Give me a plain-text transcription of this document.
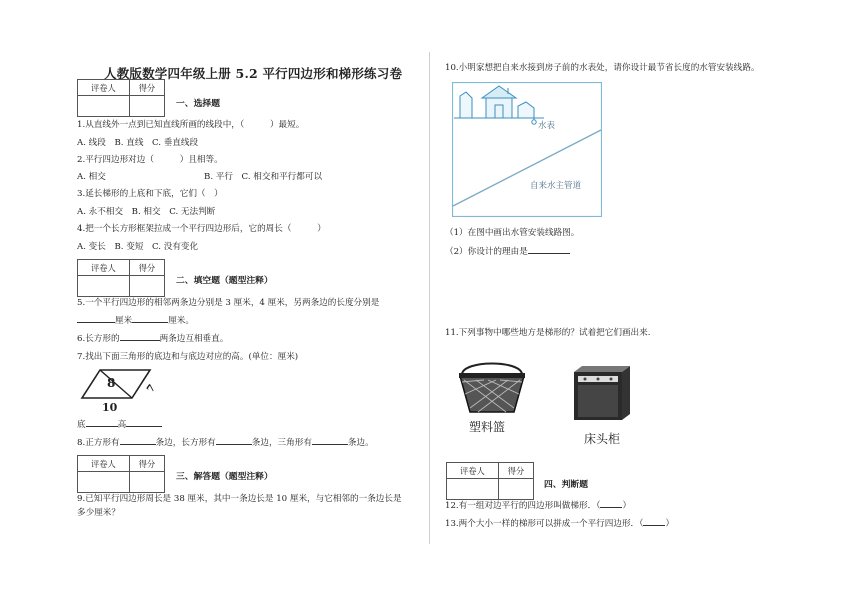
人教版数学四年级上册 5.2 平行四边形和梯形练习卷
评卷人	得分

一、选择题
1.从直线外一点到已知直线所画的线段中，（　　　）最短。
A. 线段　B. 直线　C. 垂直线段
2.平行四边形对边（　　　）且相等。
A. 相交	B. 平行　C. 相交和平行都可以
3.延长梯形的上底和下底，它们（　）
A. 永不相交　B. 相交　C. 无法判断
4.把一个长方形框架拉成一个平行四边形后，它的周长（　　　）
A. 变长　B. 变短　C. 没有变化
评卷人	得分

二、填空题（题型注释）
5.一个平行四边形的相邻两条边分别是 3 厘米，4 厘米，另两条边的长度分别是
厘米	厘米。
6.长方形的	两条边互相垂直。
7.找出下面三角形的底边和与底边对应的高。(单位：厘米)
8	7
10
底	高
8.正方形有	条边，长方形有	条边，三角形有	条边。
评卷人	得分

三、解答题（题型注释）
9.已知平行四边形周长是 38 厘米，其中一条边长是 10 厘米，与它相邻的一条边长是
多少厘米？
10.小明家想把自来水接到房子前的水表处，请你设计最节省长度的水管安装线路。
水表
自来水主管道
（1）在图中画出水管安装线路图。
（2）你设计的理由是
11.下列事物中哪些地方是梯形的？试着把它们画出来.
塑料篮
床头柜
评卷人	得分

四、判断题
12.有一组对边平行的四边形叫做梯形．（	）
13.两个大小一样的梯形可以拼成一个平行四边形．（	）
